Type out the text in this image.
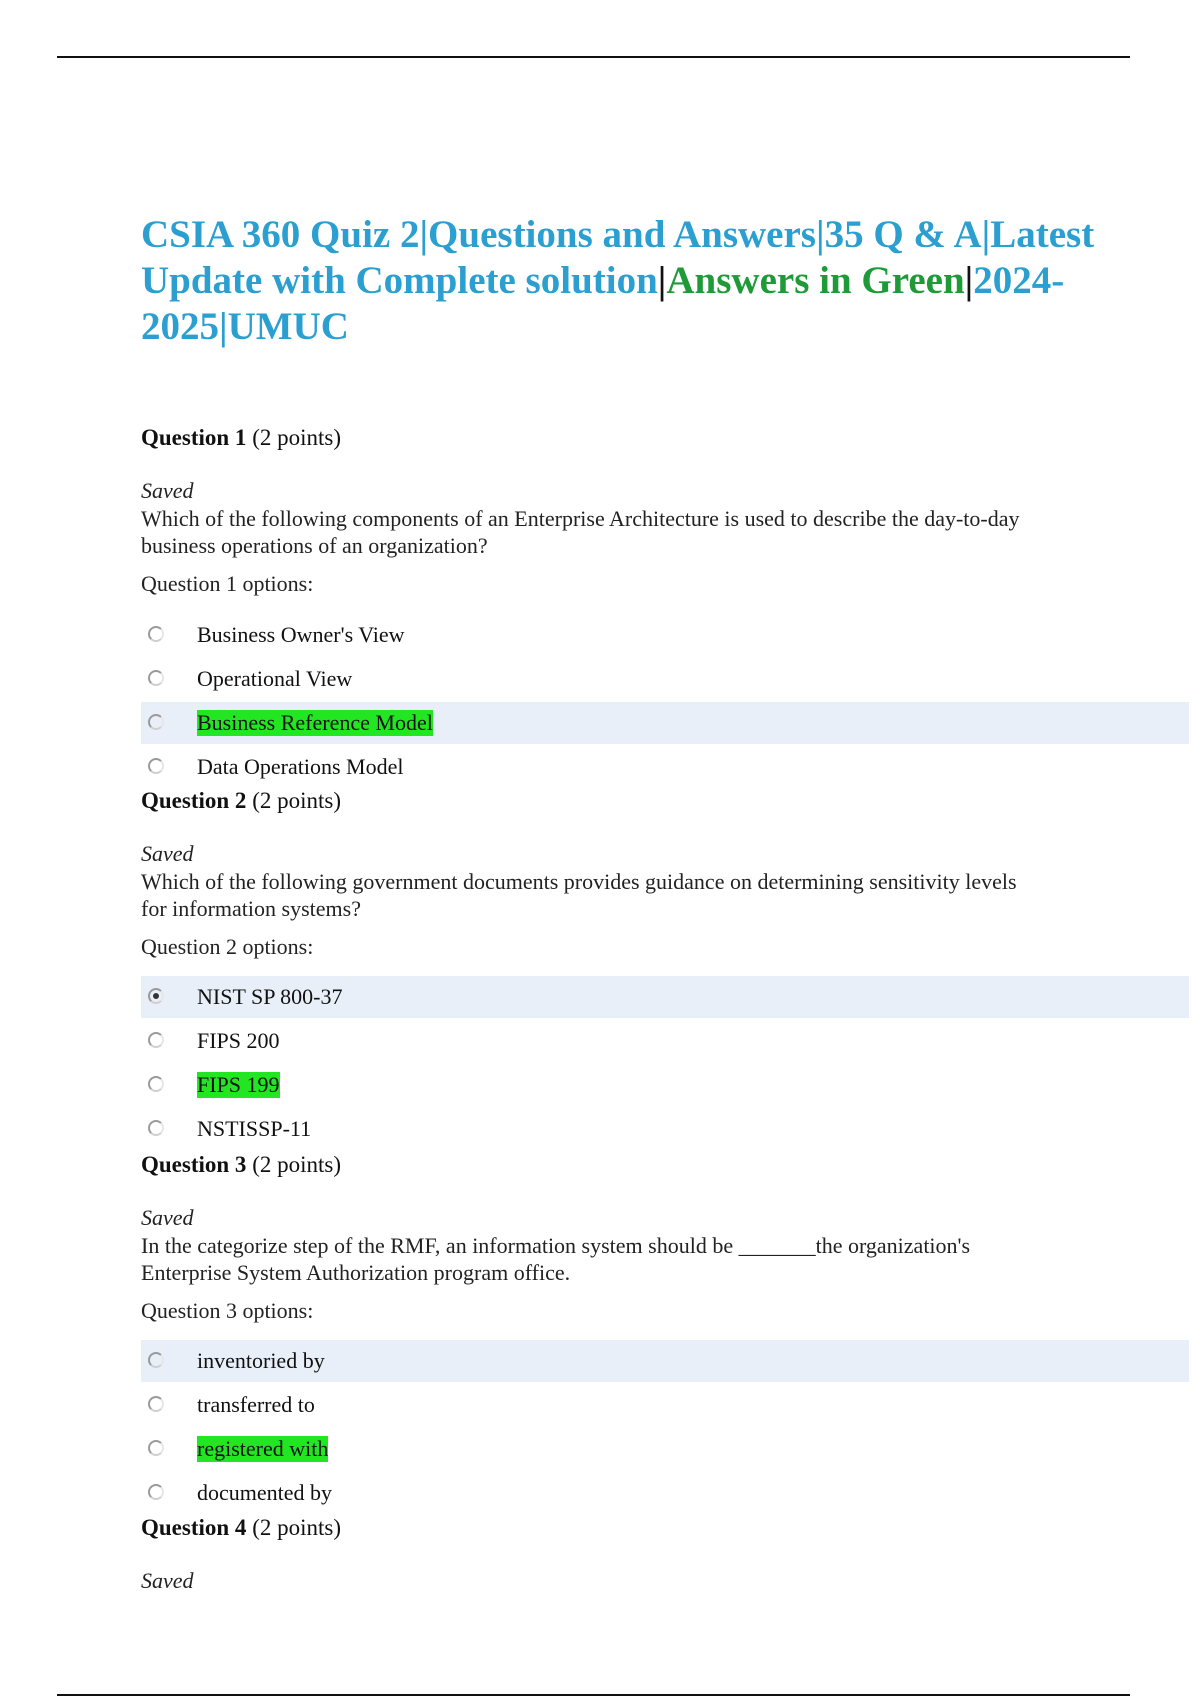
CSIA 360 Quiz 2|Questions and Answers|35 Q & A|Latest Update with Complete solution|Answers in Green|2024-2025|UMUC
Question 1 (2 points)
Saved
Which of the following components of an Enterprise Architecture is used to describe the day-to-day business operations of an organization?
Question 1 options:
Business Owner's View
Operational View
Business Reference Model
Data Operations Model
Question 2 (2 points)
Saved
Which of the following government documents provides guidance on determining sensitivity levels for information systems?
Question 2 options:
NIST SP 800-37
FIPS 200
FIPS 199
NSTISSP-11
Question 3 (2 points)
Saved
In the categorize step of the RMF, an information system should be _______the organization's Enterprise System Authorization program office.
Question 3 options:
inventoried by
transferred to
registered with
documented by
Question 4 (2 points)
Saved
